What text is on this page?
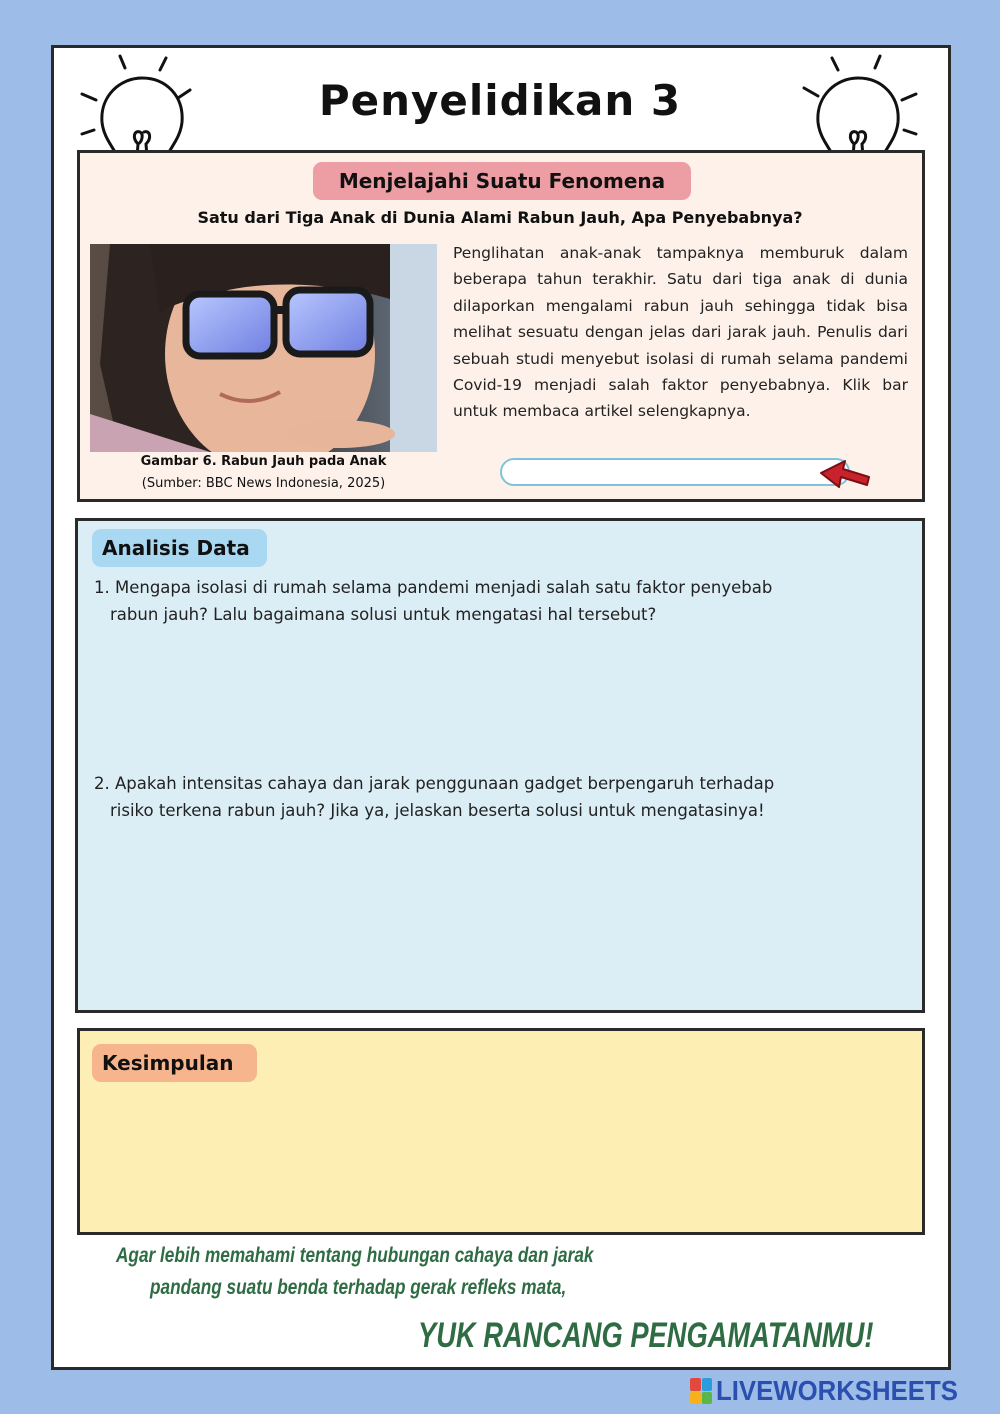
Penyelidikan 3
Menjelajahi Suatu Fenomena
Satu dari Tiga Anak di Dunia Alami Rabun Jauh, Apa Penyebabnya?
Gambar 6. Rabun Jauh pada Anak
(Sumber: BBC News Indonesia, 2025)
Penglihatan anak-anak tampaknya memburuk dalam beberapa tahun terakhir. Satu dari tiga anak di dunia dilaporkan mengalami rabun jauh sehingga tidak bisa melihat sesuatu dengan jelas dari jarak jauh. Penulis dari sebuah studi menyebut isolasi di rumah selama pandemi Covid-19 menjadi salah faktor penyebabnya. Klik bar untuk membaca artikel selengkapnya.
Analisis Data
1. Mengapa isolasi di rumah selama pandemi menjadi salah satu faktor penyebab
rabun jauh? Lalu bagaimana solusi untuk mengatasi hal tersebut?
2. Apakah intensitas cahaya dan jarak penggunaan gadget berpengaruh terhadap
risiko terkena rabun jauh? Jika ya, jelaskan beserta solusi untuk mengatasinya!
Kesimpulan
Agar lebih memahami tentang hubungan cahaya dan jarak
pandang suatu benda terhadap gerak refleks mata,
YUK RANCANG PENGAMATANMU!
LIVEWORKSHEETS
